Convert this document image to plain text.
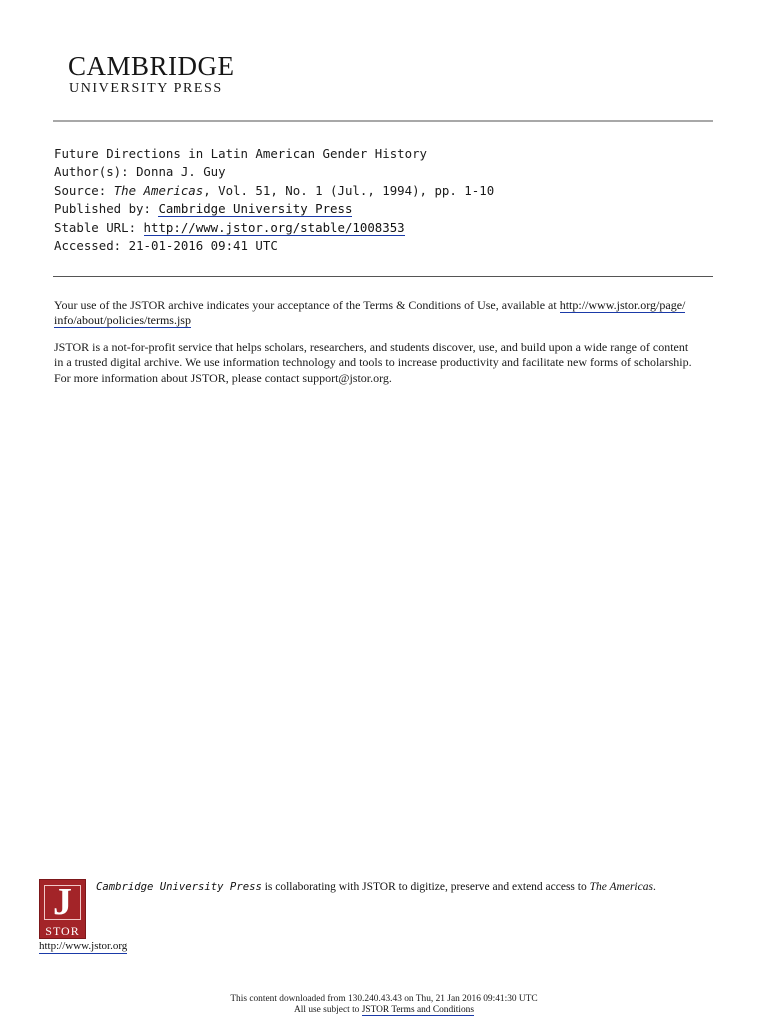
CAMBRIDGE
UNIVERSITY PRESS
Future Directions in Latin American Gender History
Author(s): Donna J. Guy
Source: The Americas, Vol. 51, No. 1 (Jul., 1994), pp. 1-10
Published by: Cambridge University Press
Stable URL: http://www.jstor.org/stable/1008353
Accessed: 21-01-2016 09:41 UTC

Your use of the JSTOR archive indicates your acceptance of the Terms & Conditions of Use, available at http://www.jstor.org/page/
info/about/policies/terms.jsp

JSTOR is a not-for-profit service that helps scholars, researchers, and students discover, use, and build upon a wide range of content
in a trusted digital archive. We use information technology and tools to increase productivity and facilitate new forms of scholarship.
For more information about JSTOR, please contact support@jstor.org.

J
STOR
http://www.jstor.org
Cambridge University Press is collaborating with JSTOR to digitize, preserve and extend access to The Americas.
This content downloaded from 130.240.43.43 on Thu, 21 Jan 2016 09:41:30 UTC
All use subject to JSTOR Terms and Conditions
